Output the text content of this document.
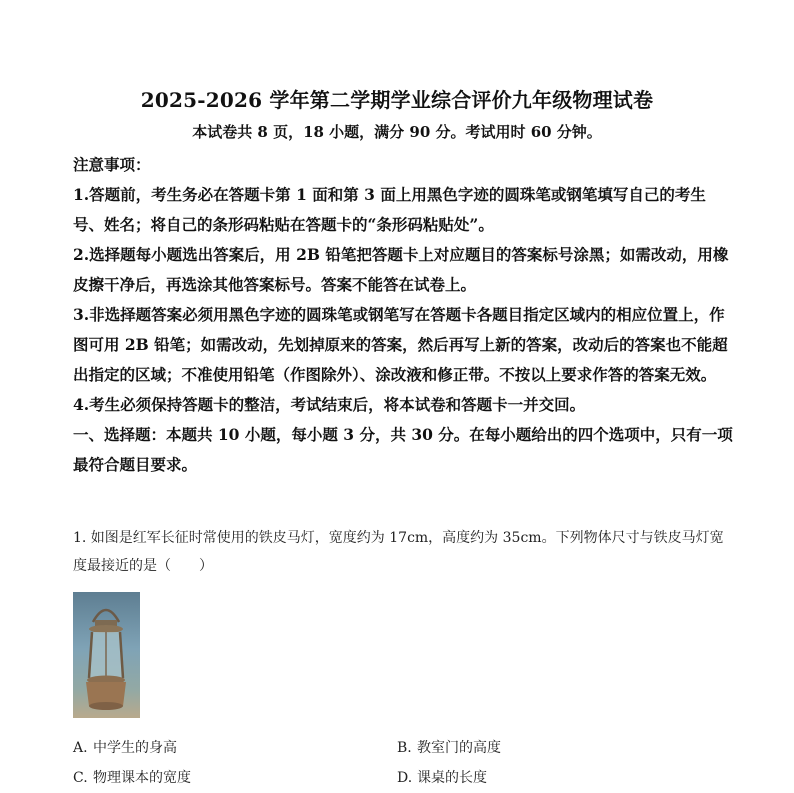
2025-2026 学年第二学期学业综合评价九年级物理试卷
本试卷共 8 页，18 小题，满分 90 分。考试用时 60 分钟。

注意事项：

1.答题前，考生务必在答题卡第 1 面和第 3 面上用黑色字迹的圆珠笔或钢笔填写自己的考生号、姓名；将自己的条形码粘贴在答题卡的“条形码粘贴处”。

2.选择题每小题选出答案后，用 2B 铅笔把答题卡上对应题目的答案标号涂黑；如需改动，用橡皮擦干净后，再选涂其他答案标号。答案不能答在试卷上。

3.非选择题答案必须用黑色字迹的圆珠笔或钢笔写在答题卡各题目指定区域内的相应位置上，作图可用 2B 铅笔；如需改动，先划掉原来的答案，然后再写上新的答案，改动后的答案也不能超出指定的区域；不准使用铅笔（作图除外）、涂改液和修正带。不按以上要求作答的答案无效。

4.考生必须保持答题卡的整洁，考试结束后，将本试卷和答题卡一并交回。

一、选择题：本题共 10 小题，每小题 3 分，共 30 分。在每小题给出的四个选项中，只有一项最符合题目要求。

1. 如图是红军长征时常使用的铁皮马灯，宽度约为 17cm，高度约为 35cm。下列物体尺寸与铁皮马灯宽度最接近的是（　　）

A. 中学生的身高	B. 教室门的高度
C. 物理课本的宽度	D. 课桌的长度
